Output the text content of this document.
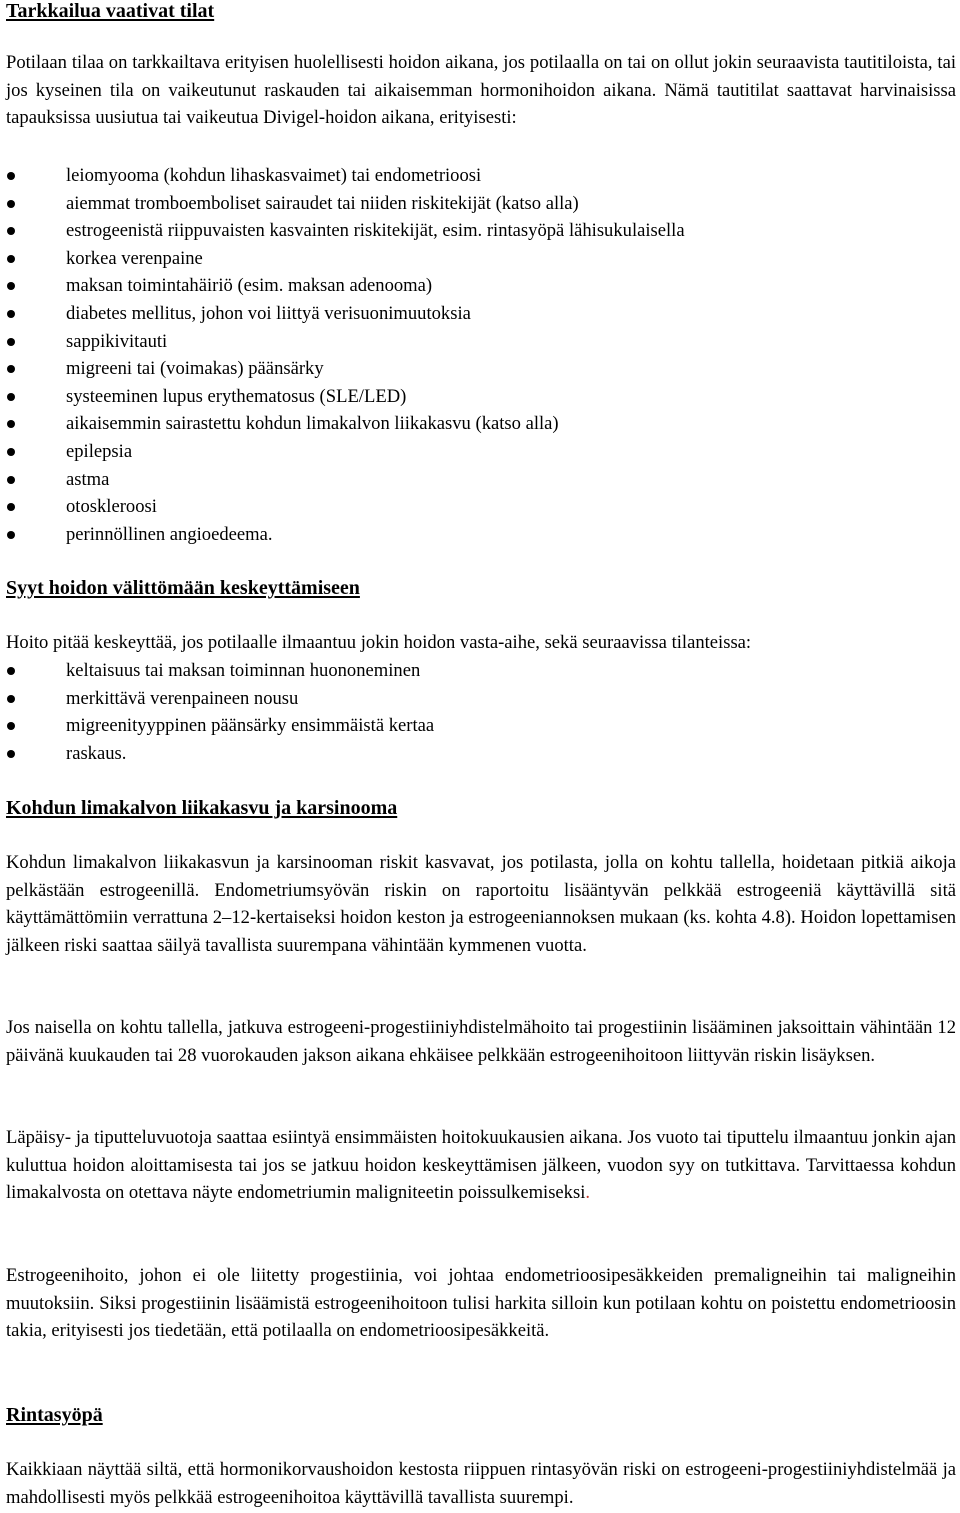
Tarkkailua vaativat tilat

Potilaan tilaa on tarkkailtava erityisen huolellisesti hoidon aikana, jos potilaalla on tai on ollut jokin seuraavista tautitiloista, tai jos kyseinen tila on vaikeutunut raskauden tai aikaisemman hormonihoidon aikana. Nämä tautitilat saattavat harvinaisissa tapauksissa uusiutua tai vaikeutua Divigel-hoidon aikana, erityisesti:

leiomyooma (kohdun lihaskasvaimet) tai endometrioosi
aiemmat tromboemboliset sairaudet tai niiden riskitekijät (katso alla)
estrogeenistä riippuvaisten kasvainten riskitekijät, esim. rintasyöpä lähisukulaisella
korkea verenpaine
maksan toimintahäiriö (esim. maksan adenooma)
diabetes mellitus, johon voi liittyä verisuonimuutoksia
sappikivitauti
migreeni tai (voimakas) päänsärky
systeeminen lupus erythematosus (SLE/LED)
aikaisemmin sairastettu kohdun limakalvon liikakasvu (katso alla)
epilepsia
astma
otoskleroosi
perinnöllinen angioedeema.
Syyt hoidon välittömään keskeyttämiseen

Hoito pitää keskeyttää, jos potilaalle ilmaantuu jokin hoidon vasta-aihe, sekä seuraavissa tilanteissa:

keltaisuus tai maksan toiminnan huononeminen
merkittävä verenpaineen nousu
migreenityyppinen päänsärky ensimmäistä kertaa
raskaus.
Kohdun limakalvon liikakasvu ja karsinooma

Kohdun limakalvon liikakasvun ja karsinooman riskit kasvavat, jos potilasta, jolla on kohtu tallella, hoidetaan pitkiä aikoja pelkästään estrogeenillä. Endometriumsyövän riskin on raportoitu lisääntyvän pelkkää estrogeeniä käyttävillä sitä käyttämättömiin verrattuna 2–12-kertaiseksi hoidon keston ja estrogeeniannoksen mukaan (ks. kohta 4.8). Hoidon lopettamisen jälkeen riski saattaa säilyä tavallista suurempana vähintään kymmenen vuotta.

Jos naisella on kohtu tallella, jatkuva estrogeeni-progestiiniyhdistelmähoito tai progestiinin lisääminen jaksoittain vähintään 12 päivänä kuukauden tai 28 vuorokauden jakson aikana ehkäisee pelkkään estrogeenihoitoon liittyvän riskin lisäyksen.

Läpäisy- ja tiputteluvuotoja saattaa esiintyä ensimmäisten hoitokuukausien aikana. Jos vuoto tai tiputtelu ilmaantuu jonkin ajan kuluttua hoidon aloittamisesta tai jos se jatkuu hoidon keskeyttämisen jälkeen, vuodon syy on tutkittava. Tarvittaessa kohdun limakalvosta on otettava näyte endometriumin maligniteetin poissulkemiseksi.

Estrogeenihoito, johon ei ole liitetty progestiinia, voi johtaa endometrioosipesäkkeiden premaligneihin tai maligneihin muutoksiin. Siksi progestiinin lisäämistä estrogeenihoitoon tulisi harkita silloin kun potilaan kohtu on poistettu endometrioosin takia, erityisesti jos tiedetään, että potilaalla on endometrioosipesäkkeitä.

Rintasyöpä

Kaikkiaan näyttää siltä, että hormonikorvaushoidon kestosta riippuen rintasyövän riski on estrogeeni-progestiiniyhdistelmää ja mahdollisesti myös pelkkää estrogeenihoitoa käyttävillä tavallista suurempi.
